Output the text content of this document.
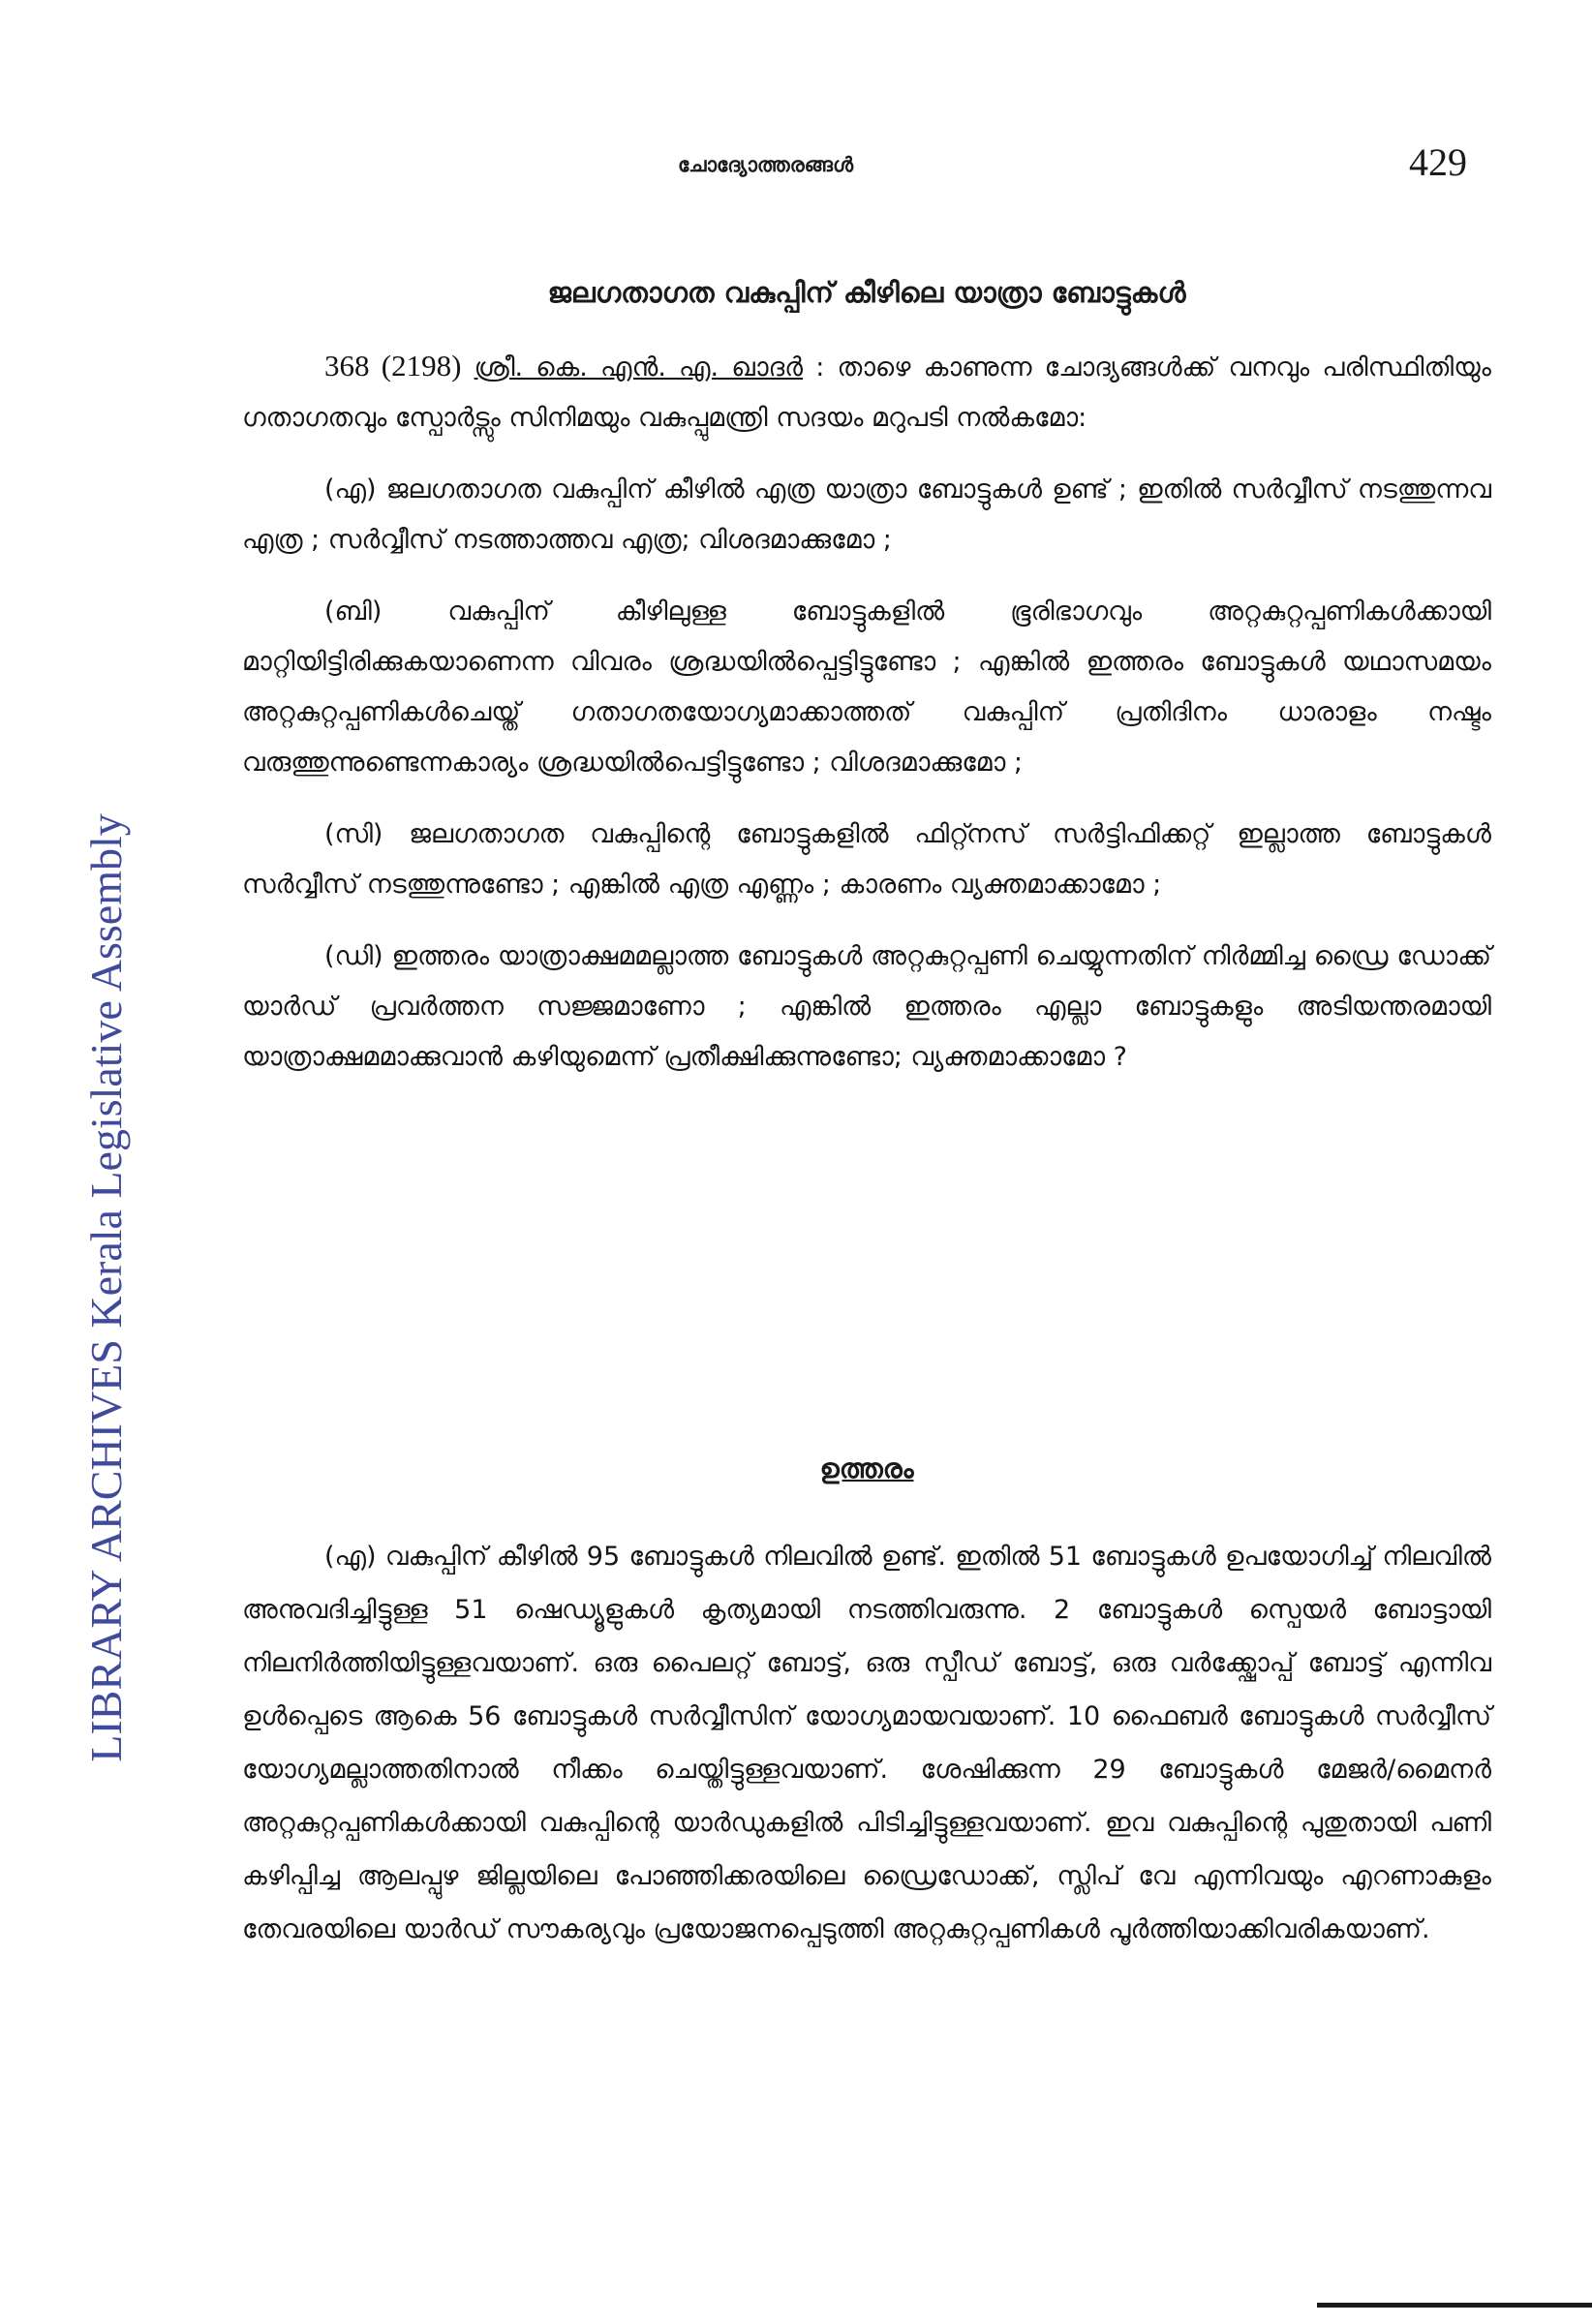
ചോദ്യോത്തരങ്ങൾ	429
LIBRARY ARCHIVES Kerala Legislative Assembly
ജലഗതാഗത വകുപ്പിന് കീഴിലെ യാത്രാ ബോട്ടുകൾ

368 (2198) ശ്രീ. കെ. എൻ. എ. ഖാദർ : താഴെ കാണുന്ന ചോദ്യങ്ങൾക്ക് വനവും പരിസ്ഥിതിയും ഗതാഗതവും സ്പോർട്സും സിനിമയും വകുപ്പുമന്ത്രി സദയം മറുപടി നൽകമോ:

(എ) ജലഗതാഗത വകുപ്പിന് കീഴിൽ എത്ര യാത്രാ ബോട്ടുകൾ ഉണ്ട് ; ഇതിൽ സർവ്വീസ് നടത്തുന്നവ എത്ര ; സർവ്വീസ് നടത്താത്തവ എത്ര; വിശദമാക്കുമോ ;

(ബി) വകുപ്പിന് കീഴിലുള്ള ബോട്ടുകളിൽ ഭൂരിഭാഗവും അറ്റകുറ്റപ്പണികൾക്കായി മാറ്റിയിട്ടിരിക്കുകയാണെന്ന വിവരം ശ്രദ്ധയിൽപ്പെട്ടിട്ടുണ്ടോ ; എങ്കിൽ ഇത്തരം ബോട്ടുകൾ യഥാസമയം അറ്റകുറ്റപ്പണികൾചെയ്ത് ഗതാഗതയോഗ്യമാക്കാത്തത് വകുപ്പിന് പ്രതിദിനം ധാരാളം നഷ്ടം വരുത്തുന്നുണ്ടെന്നകാര്യം ശ്രദ്ധയിൽപെട്ടിട്ടുണ്ടോ ; വിശദമാക്കുമോ ;

(സി) ജലഗതാഗത വകുപ്പിന്റെ ബോട്ടുകളിൽ ഫിറ്റ്നസ് സർട്ടിഫിക്കറ്റ് ഇല്ലാത്ത ബോട്ടുകൾ സർവ്വീസ് നടത്തുന്നുണ്ടോ ; എങ്കിൽ എത്ര എണ്ണം ; കാരണം വ്യക്തമാക്കാമോ ;

(ഡി) ഇത്തരം യാത്രാക്ഷമമല്ലാത്ത ബോട്ടുകൾ അറ്റകുറ്റപ്പണി ചെയ്യുന്നതിന് നിർമ്മിച്ച ഡ്രൈ ഡോക്ക് യാർഡ് പ്രവർത്തന സജ്ജമാണോ ; എങ്കിൽ ഇത്തരം എല്ലാ ബോട്ടുകളും അടിയന്തരമായി യാത്രാക്ഷമമാക്കുവാൻ കഴിയുമെന്ന് പ്രതീക്ഷിക്കുന്നുണ്ടോ; വ്യക്തമാക്കാമോ ?

ഉത്തരം

(എ) വകുപ്പിന് കീഴിൽ 95 ബോട്ടുകൾ നിലവിൽ ഉണ്ട്. ഇതിൽ 51 ബോട്ടുകൾ ഉപയോഗിച്ച് നിലവിൽ അനുവദിച്ചിട്ടുള്ള 51 ഷെഡ്യൂളുകൾ കൃത്യമായി നടത്തിവരുന്നു. 2 ബോട്ടുകൾ സ്പെയർ ബോട്ടായി നിലനിർത്തിയിട്ടുള്ളവയാണ്. ഒരു പൈലറ്റ് ബോട്ട്, ഒരു സ്പീഡ് ബോട്ട്, ഒരു വർക്ക്ഷോപ്പ് ബോട്ട് എന്നിവ ഉൾപ്പെടെ ആകെ 56 ബോട്ടുകൾ സർവ്വീസിന് യോഗ്യമായവയാണ്. 10 ഫൈബർ ബോട്ടുകൾ സർവ്വീസ് യോഗ്യമല്ലാത്തതിനാൽ നീക്കം ചെയ്തിട്ടുള്ളവയാണ്. ശേഷിക്കുന്ന 29 ബോട്ടുകൾ മേജർ/മൈനർ അറ്റകുറ്റപ്പണികൾക്കായി വകുപ്പിന്റെ യാർഡുകളിൽ പിടിച്ചിട്ടുള്ളവയാണ്. ഇവ വകുപ്പിന്റെ പുതുതായി പണി കഴിപ്പിച്ച ആലപ്പുഴ ജില്ലയിലെ പോഞ്ഞിക്കരയിലെ ഡ്രൈഡോക്ക്, സ്ലിപ് വേ എന്നിവയും എറണാകുളം തേവരയിലെ യാർഡ് സൗകര്യവും പ്രയോജനപ്പെടുത്തി അറ്റകുറ്റപ്പണികൾ പൂർത്തിയാക്കിവരികയാണ്.
